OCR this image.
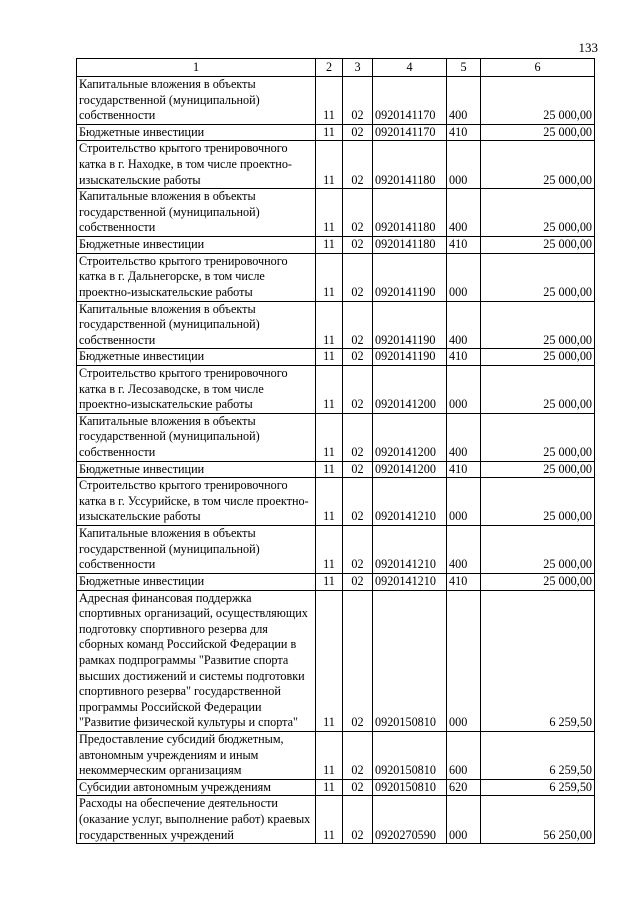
133
1	2	3	4	5	6
Капитальные вложения в объекты государственной (муниципальной) собственности	11	02	0920141170	400	25 000,00
Бюджетные инвестиции	11	02	0920141170	410	25 000,00
Строительство крытого тренировочного катка в г. Находке, в том числе проектно-изыскательские работы	11	02	0920141180	000	25 000,00
Капитальные вложения в объекты государственной (муниципальной) собственности	11	02	0920141180	400	25 000,00
Бюджетные инвестиции	11	02	0920141180	410	25 000,00
Строительство крытого тренировочного катка в г. Дальнегорске, в том числе проектно-изыскательские работы	11	02	0920141190	000	25 000,00
Капитальные вложения в объекты государственной (муниципальной) собственности	11	02	0920141190	400	25 000,00
Бюджетные инвестиции	11	02	0920141190	410	25 000,00
Строительство крытого тренировочного катка в г. Лесозаводске, в том числе проектно-изыскательские работы	11	02	0920141200	000	25 000,00
Капитальные вложения в объекты государственной (муниципальной) собственности	11	02	0920141200	400	25 000,00
Бюджетные инвестиции	11	02	0920141200	410	25 000,00
Строительство крытого тренировочного катка в г. Уссурийске, в том числе проектно-изыскательские работы	11	02	0920141210	000	25 000,00
Капитальные вложения в объекты государственной (муниципальной) собственности	11	02	0920141210	400	25 000,00
Бюджетные инвестиции	11	02	0920141210	410	25 000,00
Адресная финансовая поддержка спортивных организаций, осуществляющих подготовку спортивного резерва для сборных команд Российской Федерации в рамках подпрограммы "Развитие спорта высших достижений и системы подготовки спортивного резерва" государственной программы Российской Федерации "Развитие физической культуры и спорта"	11	02	0920150810	000	6 259,50
Предоставление субсидий бюджетным, автономным учреждениям и иным некоммерческим организациям	11	02	0920150810	600	6 259,50
Субсидии автономным учреждениям	11	02	0920150810	620	6 259,50
Расходы на обеспечение деятельности (оказание услуг, выполнение работ) краевых государственных учреждений	11	02	0920270590	000	56 250,00
